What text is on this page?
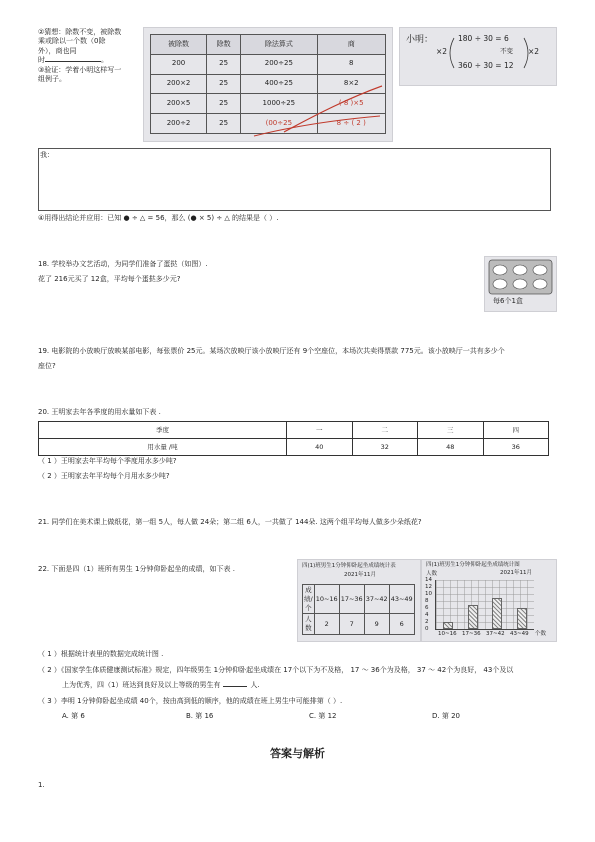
②猜想：除数不变，被除数
乘或除以一个数（0除
外），商也同
时	。
③验证：学着小明这样写一
组例子。
被除数	除数	除法算式	商
200	25	200÷25	8
200×2	25	400÷25	8×2
200×5	25	1000÷25	( 8 )×5
200÷2	25	(00÷25	8 ÷ ( 2 )
小明：	180 ÷ 30 = 6
360 ÷ 30 = 12
×2	×2
不变
我：
④用得出结论并应用：已知 ● ÷ △ = 56，那么 (● × 5) ÷ △ 的结果是（ ）.
18. 学校举办文艺活动，为同学们准备了蛋挞（如图）.
花了 216元买了 12盒，平均每个蛋挞多少元?
每6个1盒
19. 电影院的小放映厅放映某部电影，每张票价 25元。某场次放映厅该小放映厅还有 9个空座位，本场次共卖得票款 775元。该小放映厅一共有多少个
座位?
20. 王明家去年各季度的用水量如下表 .
季度	一	二	三	四
用水量 /吨	40	32	48	36
（ 1 ）王明家去年平均每个季度用水多少吨?
（ 2 ）王明家去年平均每个月用水多少吨?
21. 同学们在美术课上做纸花，第一组 5人，每人做 24朵；第二组 6人，一共做了 144朵. 这两个组平均每人做多少朵纸花?
22. 下面是四（1）班所有男生 1分钟仰卧起坐的成绩，如下表 .	四(1)班男生1分钟仰卧起坐成绩统计表
2021年11月
成绩/个	10~16	17~36	37~42	43~49
人数	2	7	9	6
四(1)班男生1分钟仰卧起坐成绩统计图
2021年11月
人数
个数
14
12
10
8
6
4
2
0
10~16 17~36 37~42 43~49
（ 1 ）根据统计表里的数据完成统计图 .
（ 2 ）《国家学生体质健康测试标准》规定，四年级男生 1分钟仰卧起坐成绩在 17个以下为不及格， 17 ～ 36个为及格， 37 ～ 42个为良好， 43个及以
上为优秀，四（1）班达到良好及以上等级的男生有	人.
（ 3 ）李明 1分钟仰卧起坐成绩 40个，按由高到低的顺序，他的成绩在班上男生中可能排第（ ）.
A. 第 6	B. 第 16	C. 第 12	D. 第 20
答案与解析
1.
